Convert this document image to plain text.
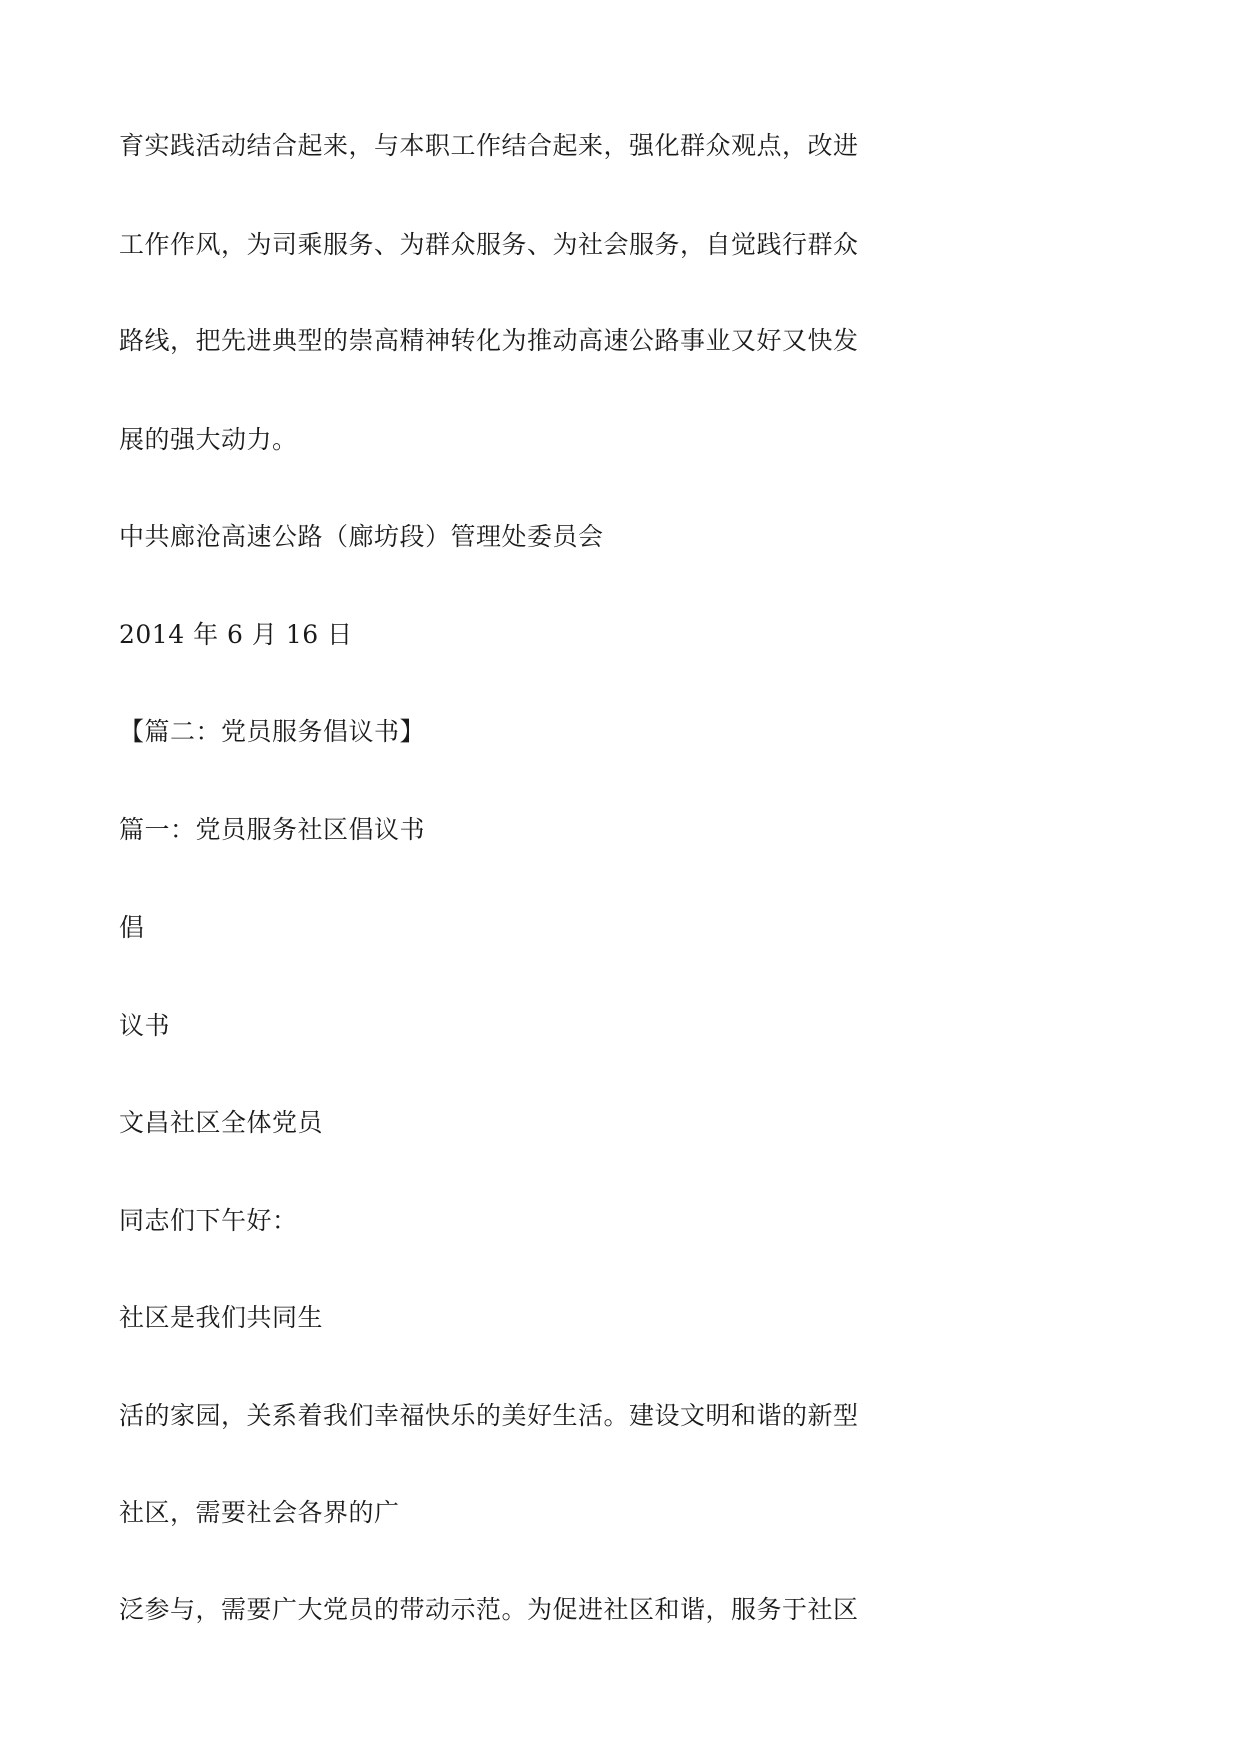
育实践活动结合起来，与本职工作结合起来，强化群众观点，改进
工作作风，为司乘服务、为群众服务、为社会服务，自觉践行群众
路线，把先进典型的崇高精神转化为推动高速公路事业又好又快发
展的强大动力。
中共廊沧高速公路（廊坊段）管理处委员会
2014 年 6 月 16 日
【篇二：党员服务倡议书】
篇一：党员服务社区倡议书
倡
议书
文昌社区全体党员
同志们下午好：
社区是我们共同生
活的家园，关系着我们幸福快乐的美好生活。建设文明和谐的新型
社区，需要社会各界的广
泛参与，需要广大党员的带动示范。为促进社区和谐，服务于社区
